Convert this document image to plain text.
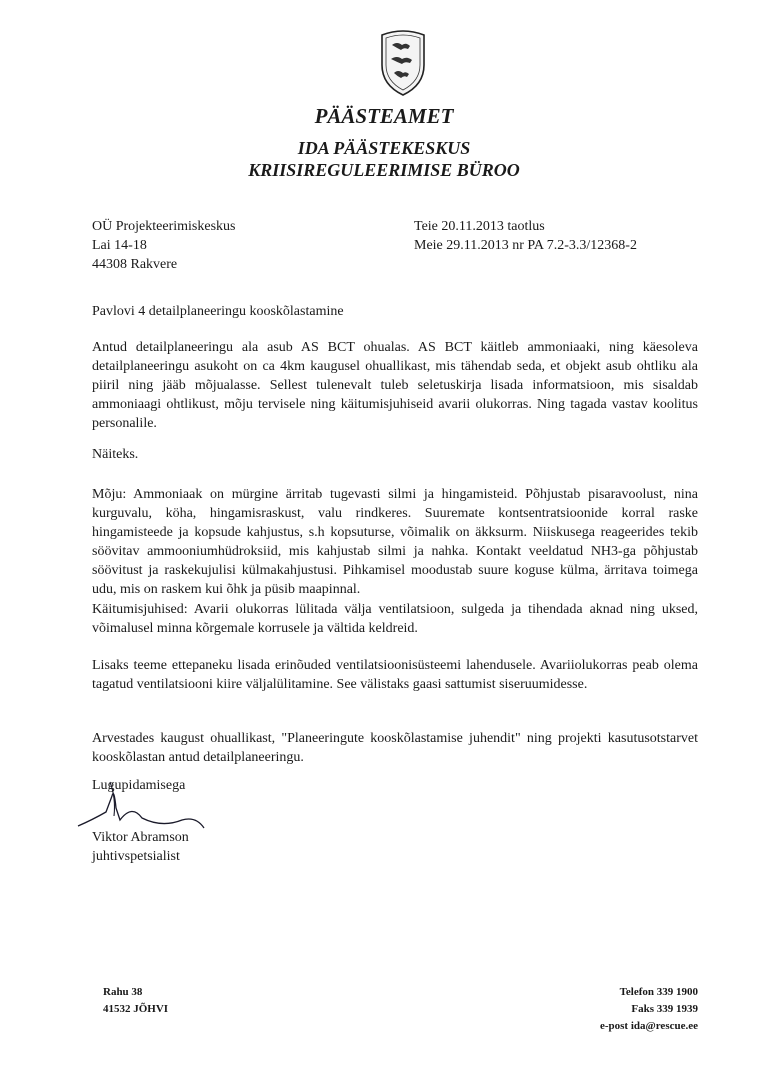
PÄÄSTEAMET
IDA PÄÄSTEKESKUS
KRIISIREGULEERIMISE BÜROO
OÜ Projekteerimiskeskus
Lai 14-18
44308 Rakvere
Teie 20.11.2013 taotlus
Meie 29.11.2013 nr PA 7.2-3.3/12368-2
Pavlovi 4 detailplaneeringu kooskõlastamine

Antud detailplaneeringu ala asub AS BCT ohualas. AS BCT käitleb ammoniaaki, ning käesoleva detailplaneeringu asukoht on ca 4km kaugusel ohuallikast, mis tähendab seda, et objekt asub ohtliku ala piiril ning jääb mõjualasse. Sellest tulenevalt tuleb seletuskirja lisada informatsioon, mis sisaldab ammoniaagi ohtlikust, mõju tervisele ning käitumisjuhiseid avarii olukorras. Ning tagada vastav koolitus personalile.

Näiteks.

Mõju: Ammoniaak on mürgine ärritab tugevasti silmi ja hingamisteid. Põhjustab pisaravoolust, nina kurguvalu, köha, hingamisraskust, valu rindkeres. Suuremate kontsentratsioonide korral raske hingamisteede ja kopsude kahjustus, s.h kopsuturse, võimalik on äkksurm. Niiskusega reageerides tekib söövitav ammooniumhüdroksiid, mis kahjustab silmi ja nahka. Kontakt veeldatud NH3-ga põhjustab söövitust ja raskekujulisi külmakahjustusi. Pihkamisel moodustab suure koguse külma, ärritava toimega udu, mis on raskem kui õhk ja püsib maapinnal.

Käitumisjuhised: Avarii olukorras lülitada välja ventilatsioon, sulgeda ja tihendada aknad ning uksed, võimalusel minna kõrgemale korrusele ja vältida keldreid.

Lisaks teeme ettepaneku lisada erinõuded ventilatsioonisüsteemi lahendusele. Avariiolukorras peab olema tagatud ventilatsiooni kiire väljalülitamine. See välistaks gaasi sattumist siseruumidesse.

Arvestades kaugust ohuallikast, "Planeeringute kooskõlastamise juhendit" ning projekti kasutusotstarvet kooskõlastan antud detailplaneeringu.

Lugupidamisega
Viktor Abramson
juhtivspetsialist
Rahu 38
41532 JÕHVI
Telefon 339 1900
Faks 339 1939
e-post ida@rescue.ee
